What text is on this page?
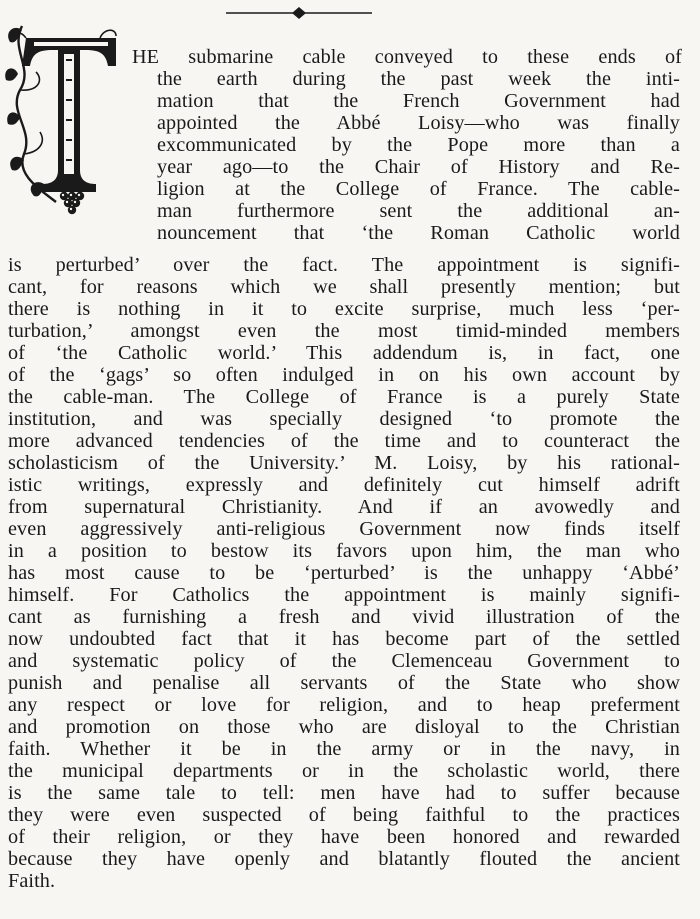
HE submarine cable conveyed to these ends of
the earth during the past week the inti-
mation that the French Government had
appointed the Abbé Loisy—who was finally
excommunicated by the Pope more than a
year ago—to the Chair of History and Re-
ligion at the College of France. The cable-
man furthermore sent the additional an-
nouncement that ‘the Roman Catholic world
is perturbed’ over the fact. The appointment is signifi-
cant, for reasons which we shall presently mention; but
there is nothing in it to excite surprise, much less ‘per-
turbation,’ amongst even the most timid-minded members
of ‘the Catholic world.’ This addendum is, in fact, one
of the ‘gags’ so often indulged in on his own account by
the cable-man. The College of France is a purely State
institution, and was specially designed ‘to promote the
more advanced tendencies of the time and to counteract the
scholasticism of the University.’ M. Loisy, by his rational-
istic writings, expressly and definitely cut himself adrift
from supernatural Christianity. And if an avowedly and
even aggressively anti-religious Government now finds itself
in a position to bestow its favors upon him, the man who
has most cause to be ‘perturbed’ is the unhappy ‘Abbé’
himself. For Catholics the appointment is mainly signifi-
cant as furnishing a fresh and vivid illustration of the
now undoubted fact that it has become part of the settled
and systematic policy of the Clemenceau Government to
punish and penalise all servants of the State who show
any respect or love for religion, and to heap preferment
and promotion on those who are disloyal to the Christian
faith. Whether it be in the army or in the navy, in
the municipal departments or in the scholastic world, there
is the same tale to tell: men have had to suffer because
they were even suspected of being faithful to the practices
of their religion, or they have been honored and rewarded
because they have openly and blatantly flouted the ancient
Faith.
